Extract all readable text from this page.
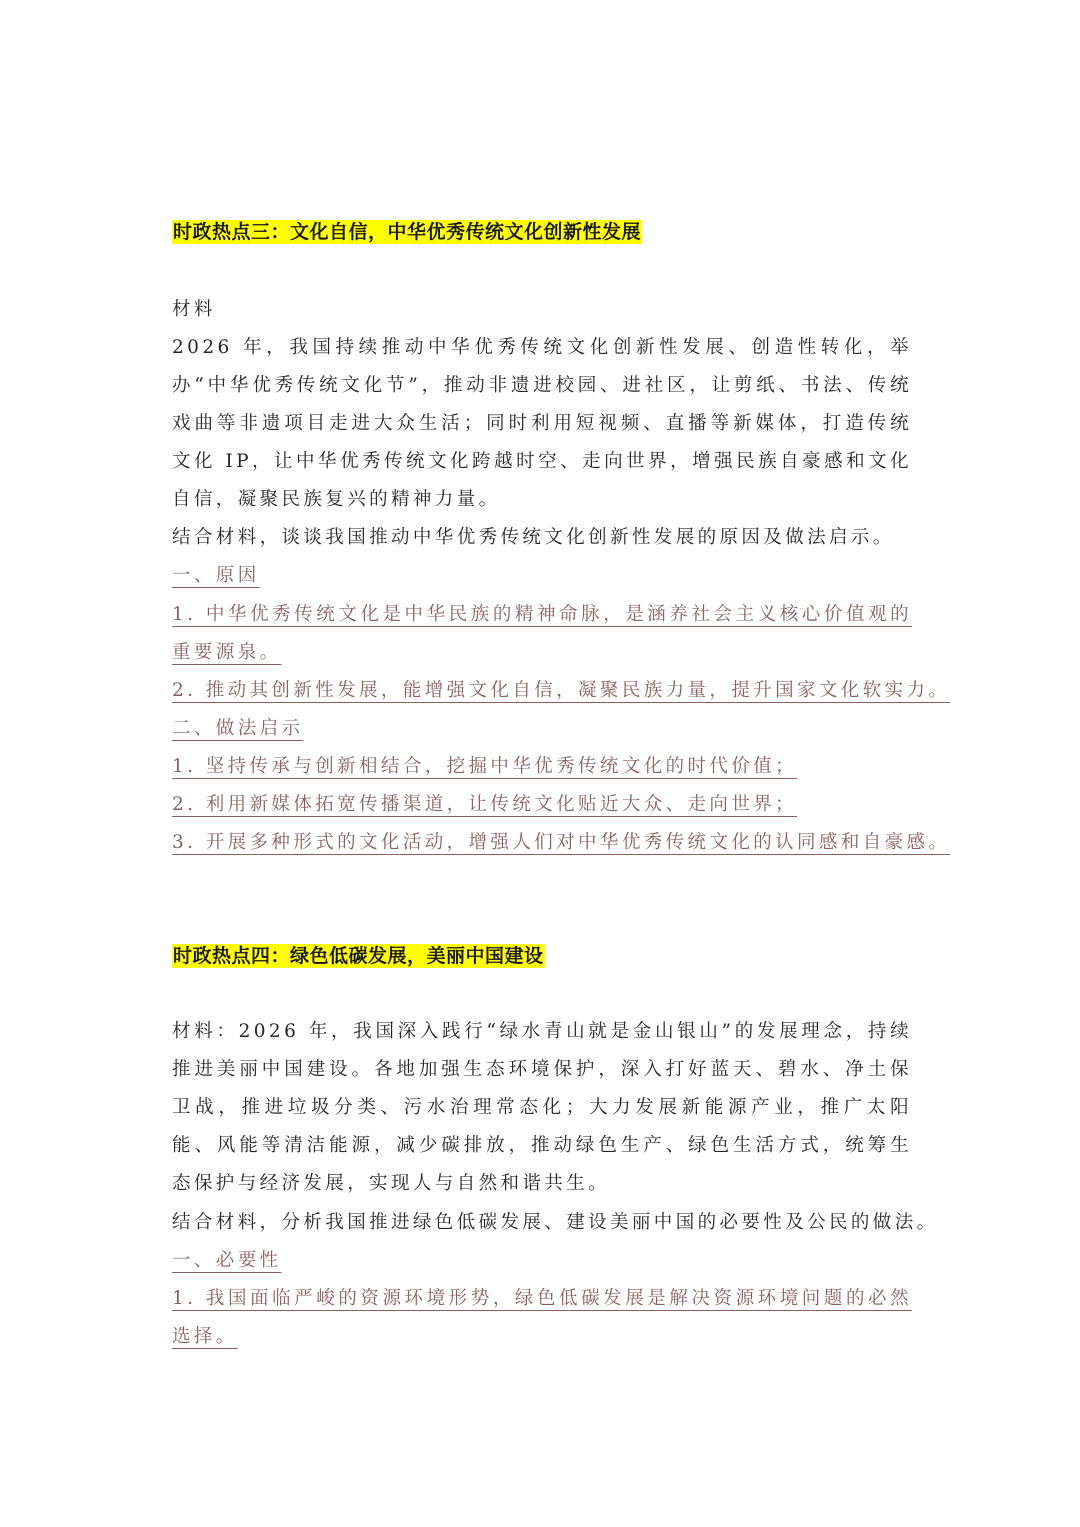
时政热点三：文化自信，中华优秀传统文化创新性发展
材料
2026 年，我国持续推动中华优秀传统文化创新性发展、创造性转化，举办“中华优秀传统文化节”，推动非遗进校园、进社区，让剪纸、书法、传统戏曲等非遗项目走进大众生活；同时利用短视频、直播等新媒体，打造传统文化 IP，让中华优秀传统文化跨越时空、走向世界，增强民族自豪感和文化自信，凝聚民族复兴的精神力量。
结合材料，谈谈我国推动中华优秀传统文化创新性发展的原因及做法启示。
一、原因
1. 中华优秀传统文化是中华民族的精神命脉，是涵养社会主义核心价值观的重要源泉。
2. 推动其创新性发展，能增强文化自信，凝聚民族力量，提升国家文化软实力。
二、做法启示
1. 坚持传承与创新相结合，挖掘中华优秀传统文化的时代价值；
2. 利用新媒体拓宽传播渠道，让传统文化贴近大众、走向世界；
3. 开展多种形式的文化活动，增强人们对中华优秀传统文化的认同感和自豪感。
时政热点四：绿色低碳发展，美丽中国建设
材料：2026 年，我国深入践行“绿水青山就是金山银山”的发展理念，持续推进美丽中国建设。各地加强生态环境保护，深入打好蓝天、碧水、净土保卫战，推进垃圾分类、污水治理常态化；大力发展新能源产业，推广太阳能、风能等清洁能源，减少碳排放，推动绿色生产、绿色生活方式，统筹生态保护与经济发展，实现人与自然和谐共生。
结合材料，分析我国推进绿色低碳发展、建设美丽中国的必要性及公民的做法。
一、必要性
1. 我国面临严峻的资源环境形势，绿色低碳发展是解决资源环境问题的必然选择。
